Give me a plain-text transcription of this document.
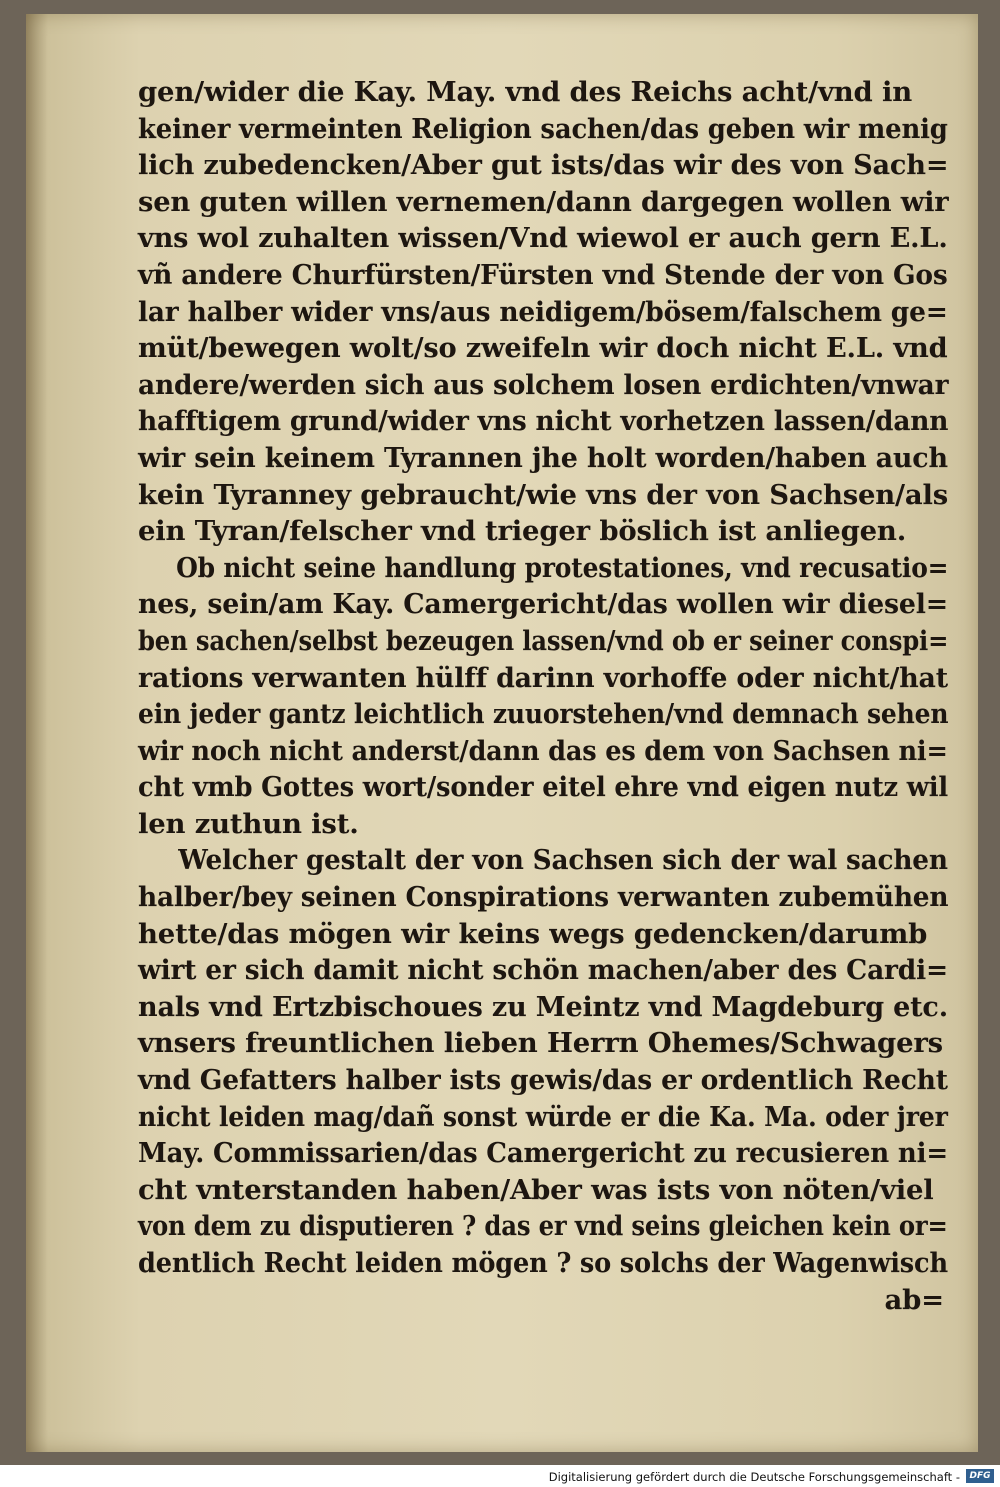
gen/wider die Kay. May. vnd des Reichs acht/vnd in
keiner vermeinten Religion sachen/das geben wir menig
lich zubedencken/Aber gut ists/das wir des von Sach=
sen guten willen vernemen/dann dargegen wollen wir
vns wol zuhalten wissen/Vnd wiewol er auch gern E.L.
vñ andere Churfürsten/Fürsten vnd Stende der von Gos
lar halber wider vns/aus neidigem/bösem/falschem ge=
müt/bewegen wolt/so zweifeln wir doch nicht E.L. vnd
andere/werden sich aus solchem losen erdichten/vnwar
hafftigem grund/wider vns nicht vorhetzen lassen/dann
wir sein keinem Tyrannen jhe holt worden/haben auch
kein Tyranney gebraucht/wie vns der von Sachsen/als
ein Tyran/felscher vnd trieger böslich ist anliegen.
Ob nicht seine handlung protestationes, vnd recusatio=
nes, sein/am Kay. Camergericht/das wollen wir diesel=
ben sachen/selbst bezeugen lassen/vnd ob er seiner conspi=
rations verwanten hülff darinn vorhoffe oder nicht/hat
ein jeder gantz leichtlich zuuorstehen/vnd demnach sehen
wir noch nicht anderst/dann das es dem von Sachsen ni=
cht vmb Gottes wort/sonder eitel ehre vnd eigen nutz wil
len zuthun ist.
Welcher gestalt der von Sachsen sich der wal sachen
halber/bey seinen Conspirations verwanten zubemühen
hette/das mögen wir keins wegs gedencken/darumb
wirt er sich damit nicht schön machen/aber des Cardi=
nals vnd Ertzbischoues zu Meintz vnd Magdeburg etc.
vnsers freuntlichen lieben Herrn Ohemes/Schwagers
vnd Gefatters halber ists gewis/das er ordentlich Recht
nicht leiden mag/dañ sonst würde er die Ka. Ma. oder jrer
May. Commissarien/das Camergericht zu recusieren ni=
cht vnterstanden haben/Aber was ists von nöten/viel
von dem zu disputieren ? das er vnd seins gleichen kein or=
dentlich Recht leiden mögen ? so solchs der Wagenwisch
ab=
Digitalisierung gefördert durch die Deutsche Forschungsgemeinschaft -	DFG
